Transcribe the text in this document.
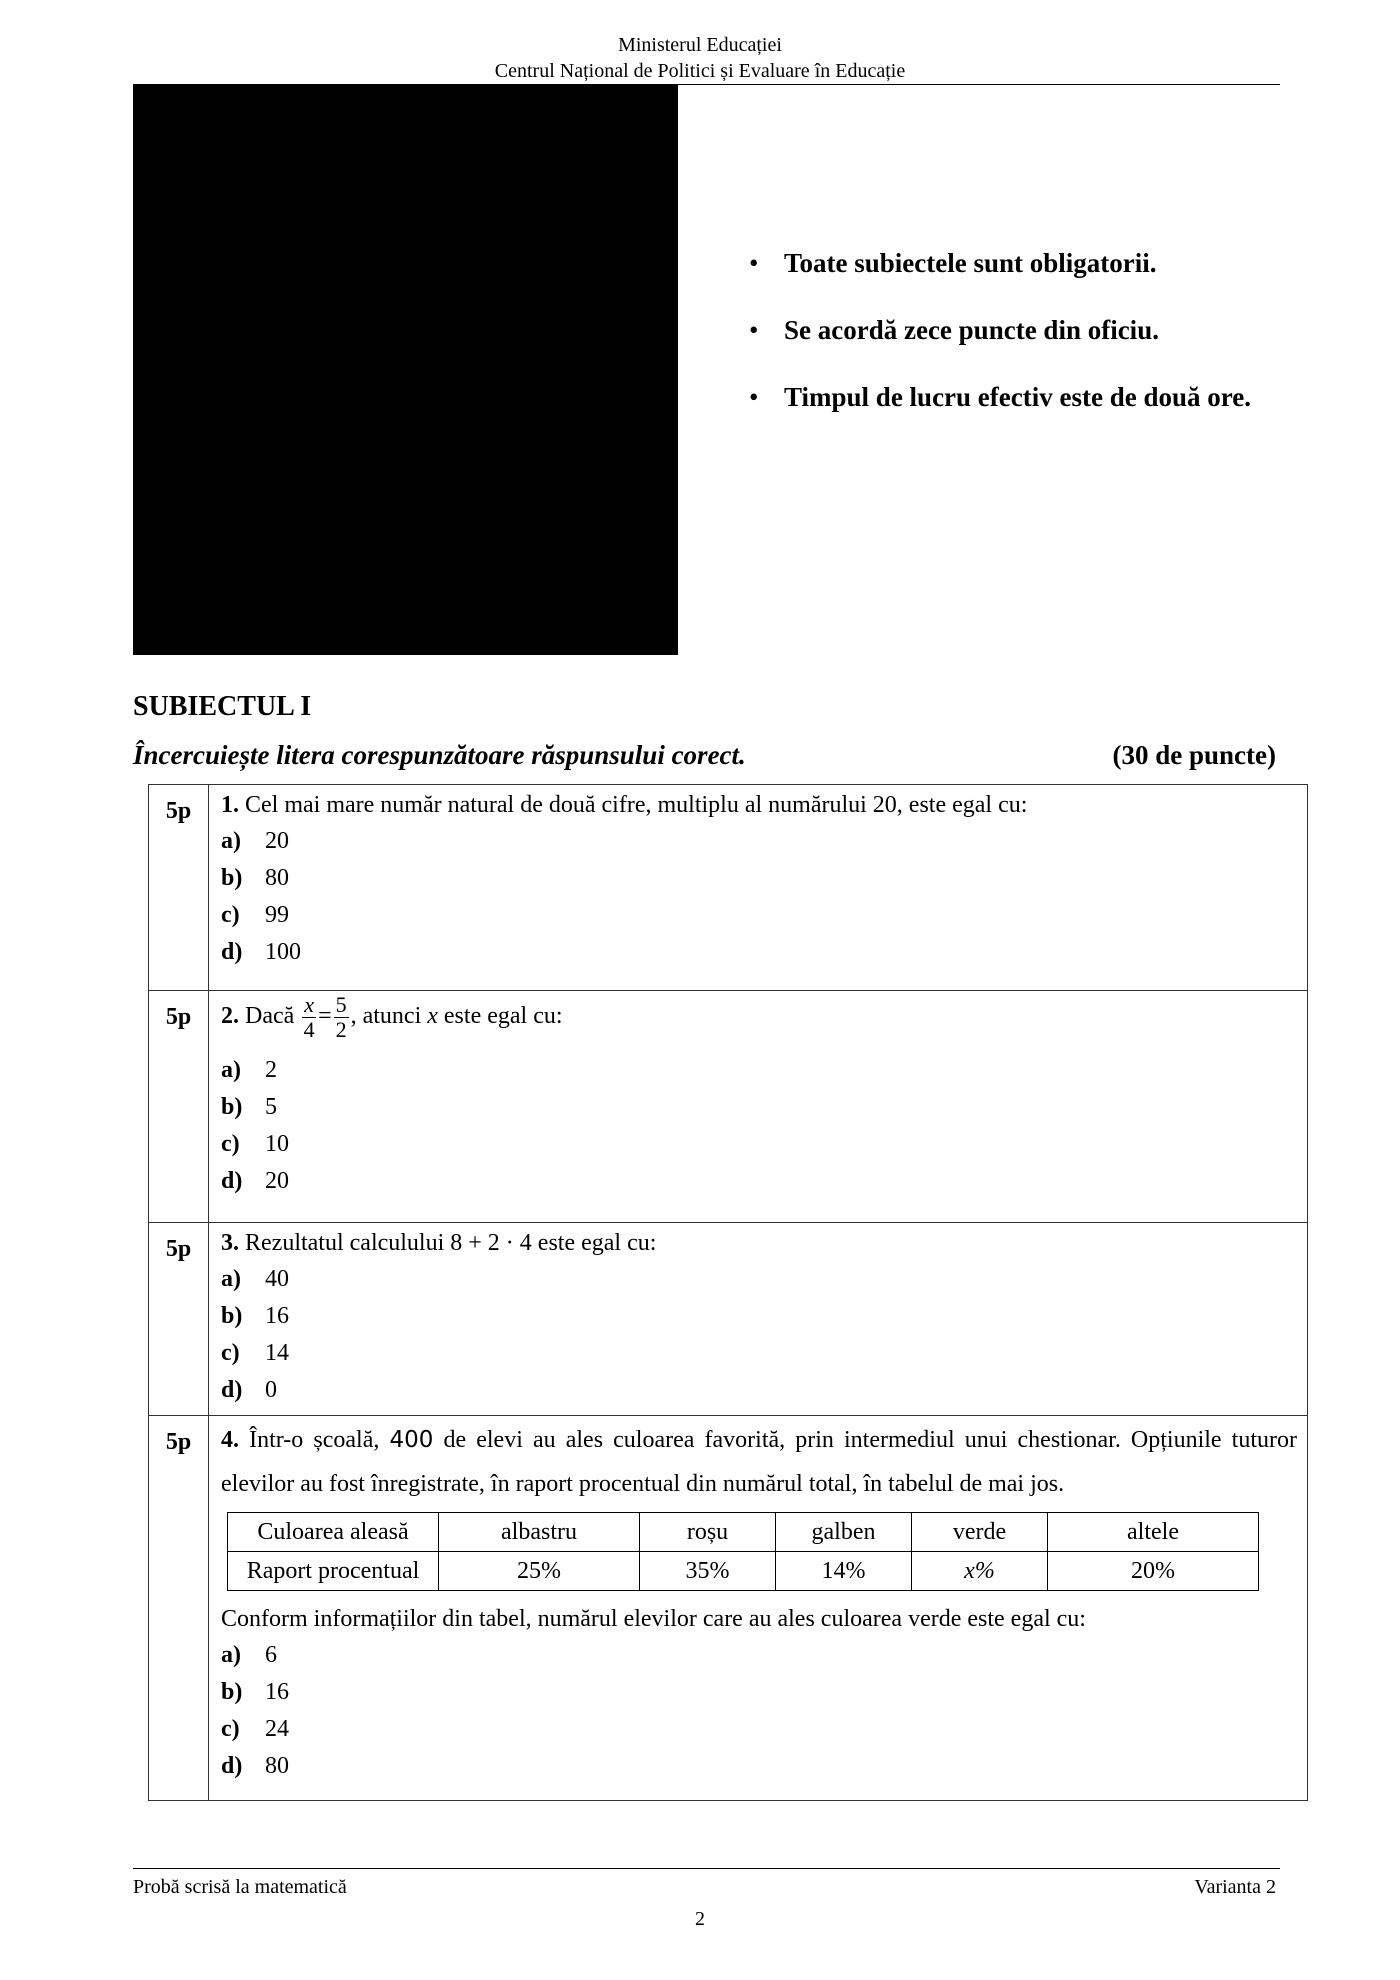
Ministerul Educației
Centrul Național de Politici și Evaluare în Educație
• Toate subiectele sunt obligatorii.
• Se acordă zece puncte din oficiu.
• Timpul de lucru efectiv este de două ore.
SUBIECTUL I
Încercuiește litera corespunzătoare răspunsului corect.	(30 de puncte)
5p	1. Cel mai mare număr natural de două cifre, multiplu al numărului 20, este egal cu:
a) 20
b) 80
c) 99
d) 100

5p	2. Dacă $\frac{x}{4} = \frac{5}{2}$ , atunci x este egal cu:
a) 2
b) 5
c) 10
d) 20

5p	3. Rezultatul calculului 8 + 2 · 4 este egal cu:
a) 40
b) 16
c) 14
d) 0

5p	4. Într-o școală, 400 de elevi au ales culoarea favorită, prin intermediul unui chestionar. Opțiunile tuturor elevilor au fost înregistrate, în raport procentual din numărul total, în tabelul de mai jos.
Culoarea aleasă	albastru	roșu	galben	verde	altele
Raport procentual	25%	35%	14%	x%	20%
Conform informațiilor din tabel, numărul elevilor care au ales culoarea verde este egal cu:
a) 6
b) 16
c) 24
d) 80
Probă scrisă la matematică	Varianta 2
2
